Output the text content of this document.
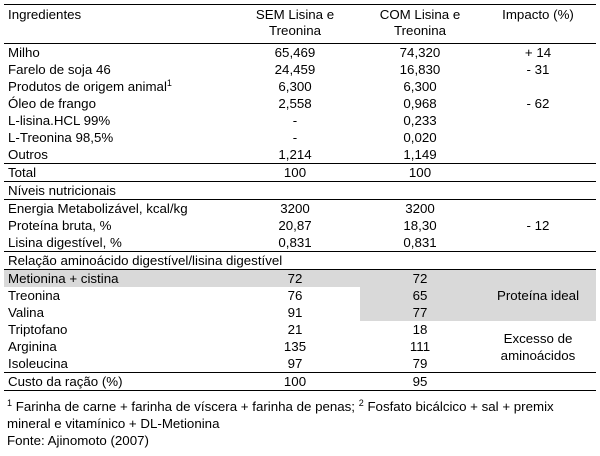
Ingredientes	SEM Lisina e Treonina	COM Lisina e Treonina	Impacto (%)
Milho	65,469	74,320	+ 14
Farelo de soja 46	24,459	16,830	- 31
Produtos de origem animal$^1$	6,300	6,300	
Óleo de frango	2,558	0,968	- 62
L-lisina.HCL 99%	-	0,233	
L-Treonina 98,5%	-	0,020	
Outros	1,214	1,149	
Total	100	100	
Níveis nutricionais			
Energia Metabolizável, kcal/kg	3200	3200	
Proteína bruta, %	20,87	18,30	- 12
Lisina digestível, %	0,831	0,831	
Relação aminoácido digestível/lisina digestível			
Metionina + cistina	72	72	Proteína ideal
Treonina	76	65	
Valina	91	77	
Triptofano	21	18	Excesso de aminoácidos
Arginina	135	111	
Isoleucina	97	79	
Custo da ração (%)	100	95	
$^1$ Farinha de carne + farinha de víscera + farinha de penas; $^2$ Fosfato bicálcico + sal + premix mineral e vitamínico + DL-Metionina
Fonte: Ajinomoto (2007)
